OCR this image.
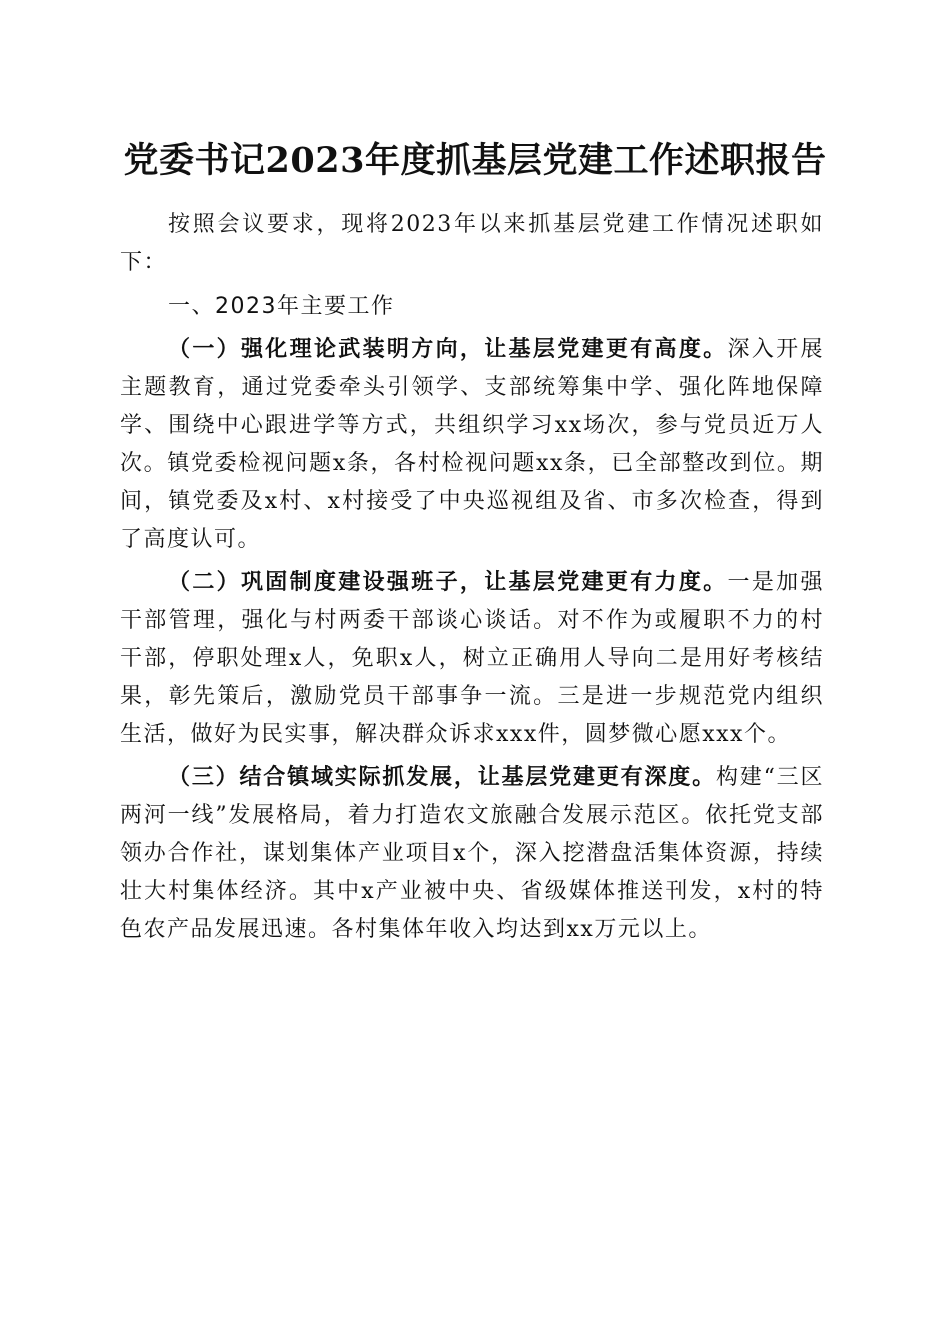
党委书记2023年度抓基层党建工作述职报告

按照会议要求，现将2023年以来抓基层党建工作情况述职如下：

一、2023年主要工作

（一）强化理论武装明方向，让基层党建更有高度。深入开展主题教育，通过党委牵头引领学、支部统筹集中学、强化阵地保障学、围绕中心跟进学等方式，共组织学习xx场次，参与党员近万人次。镇党委检视问题x条，各村检视问题xx条，已全部整改到位。期间，镇党委及x村、x村接受了中央巡视组及省、市多次检查，得到了高度认可。

（二）巩固制度建设强班子，让基层党建更有力度。一是加强干部管理，强化与村两委干部谈心谈话。对不作为或履职不力的村干部，停职处理x人，免职x人，树立正确用人导向二是用好考核结果，彰先策后，激励党员干部事争一流。三是进一步规范党内组织生活，做好为民实事，解决群众诉求xxx件，圆梦微心愿xxx个。

（三）结合镇域实际抓发展，让基层党建更有深度。构建“三区两河一线”发展格局，着力打造农文旅融合发展示范区。依托党支部领办合作社，谋划集体产业项目x个，深入挖潜盘活集体资源，持续壮大村集体经济。其中x产业被中央、省级媒体推送刊发，x村的特色农产品发展迅速。各村集体年收入均达到xx万元以上。
